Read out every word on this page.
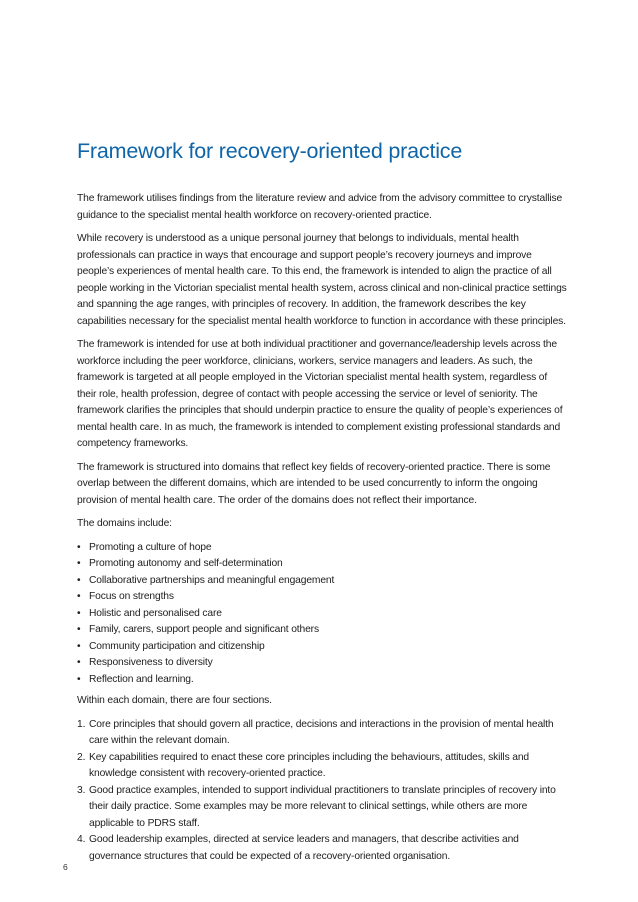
Framework for recovery-oriented practice

The framework utilises findings from the literature review and advice from the advisory committee to crystallise guidance to the specialist mental health workforce on recovery-oriented practice.

While recovery is understood as a unique personal journey that belongs to individuals, mental health professionals can practice in ways that encourage and support people’s recovery journeys and improve people’s experiences of mental health care. To this end, the framework is intended to align the practice of all people working in the Victorian specialist mental health system, across clinical and non-clinical practice settings and spanning the age ranges, with principles of recovery. In addition, the framework describes the key capabilities necessary for the specialist mental health workforce to function in accordance with these principles.

The framework is intended for use at both individual practitioner and governance/leadership levels across the workforce including the peer workforce, clinicians, workers, service managers and leaders. As such, the framework is targeted at all people employed in the Victorian specialist mental health system, regardless of their role, health profession, degree of contact with people accessing the service or level of seniority. The framework clarifies the principles that should underpin practice to ensure the quality of people’s experiences of mental health care. In as much, the framework is intended to complement existing professional standards and competency frameworks.

The framework is structured into domains that reflect key fields of recovery-oriented practice. There is some overlap between the different domains, which are intended to be used concurrently to inform the ongoing provision of mental health care. The order of the domains does not reflect their importance.

The domains include:

• Promoting a culture of hope
• Promoting autonomy and self-determination
• Collaborative partnerships and meaningful engagement
• Focus on strengths
• Holistic and personalised care
• Family, carers, support people and significant others
• Community participation and citizenship
• Responsiveness to diversity
• Reflection and learning.

Within each domain, there are four sections.

1. Core principles that should govern all practice, decisions and interactions in the provision of mental health care within the relevant domain.
2. Key capabilities required to enact these core principles including the behaviours, attitudes, skills and knowledge consistent with recovery-oriented practice.
3. Good practice examples, intended to support individual practitioners to translate principles of recovery into their daily practice. Some examples may be more relevant to clinical settings, while others are more applicable to PDRS staff.
4. Good leadership examples, directed at service leaders and managers, that describe activities and governance structures that could be expected of a recovery-oriented organisation.
6
